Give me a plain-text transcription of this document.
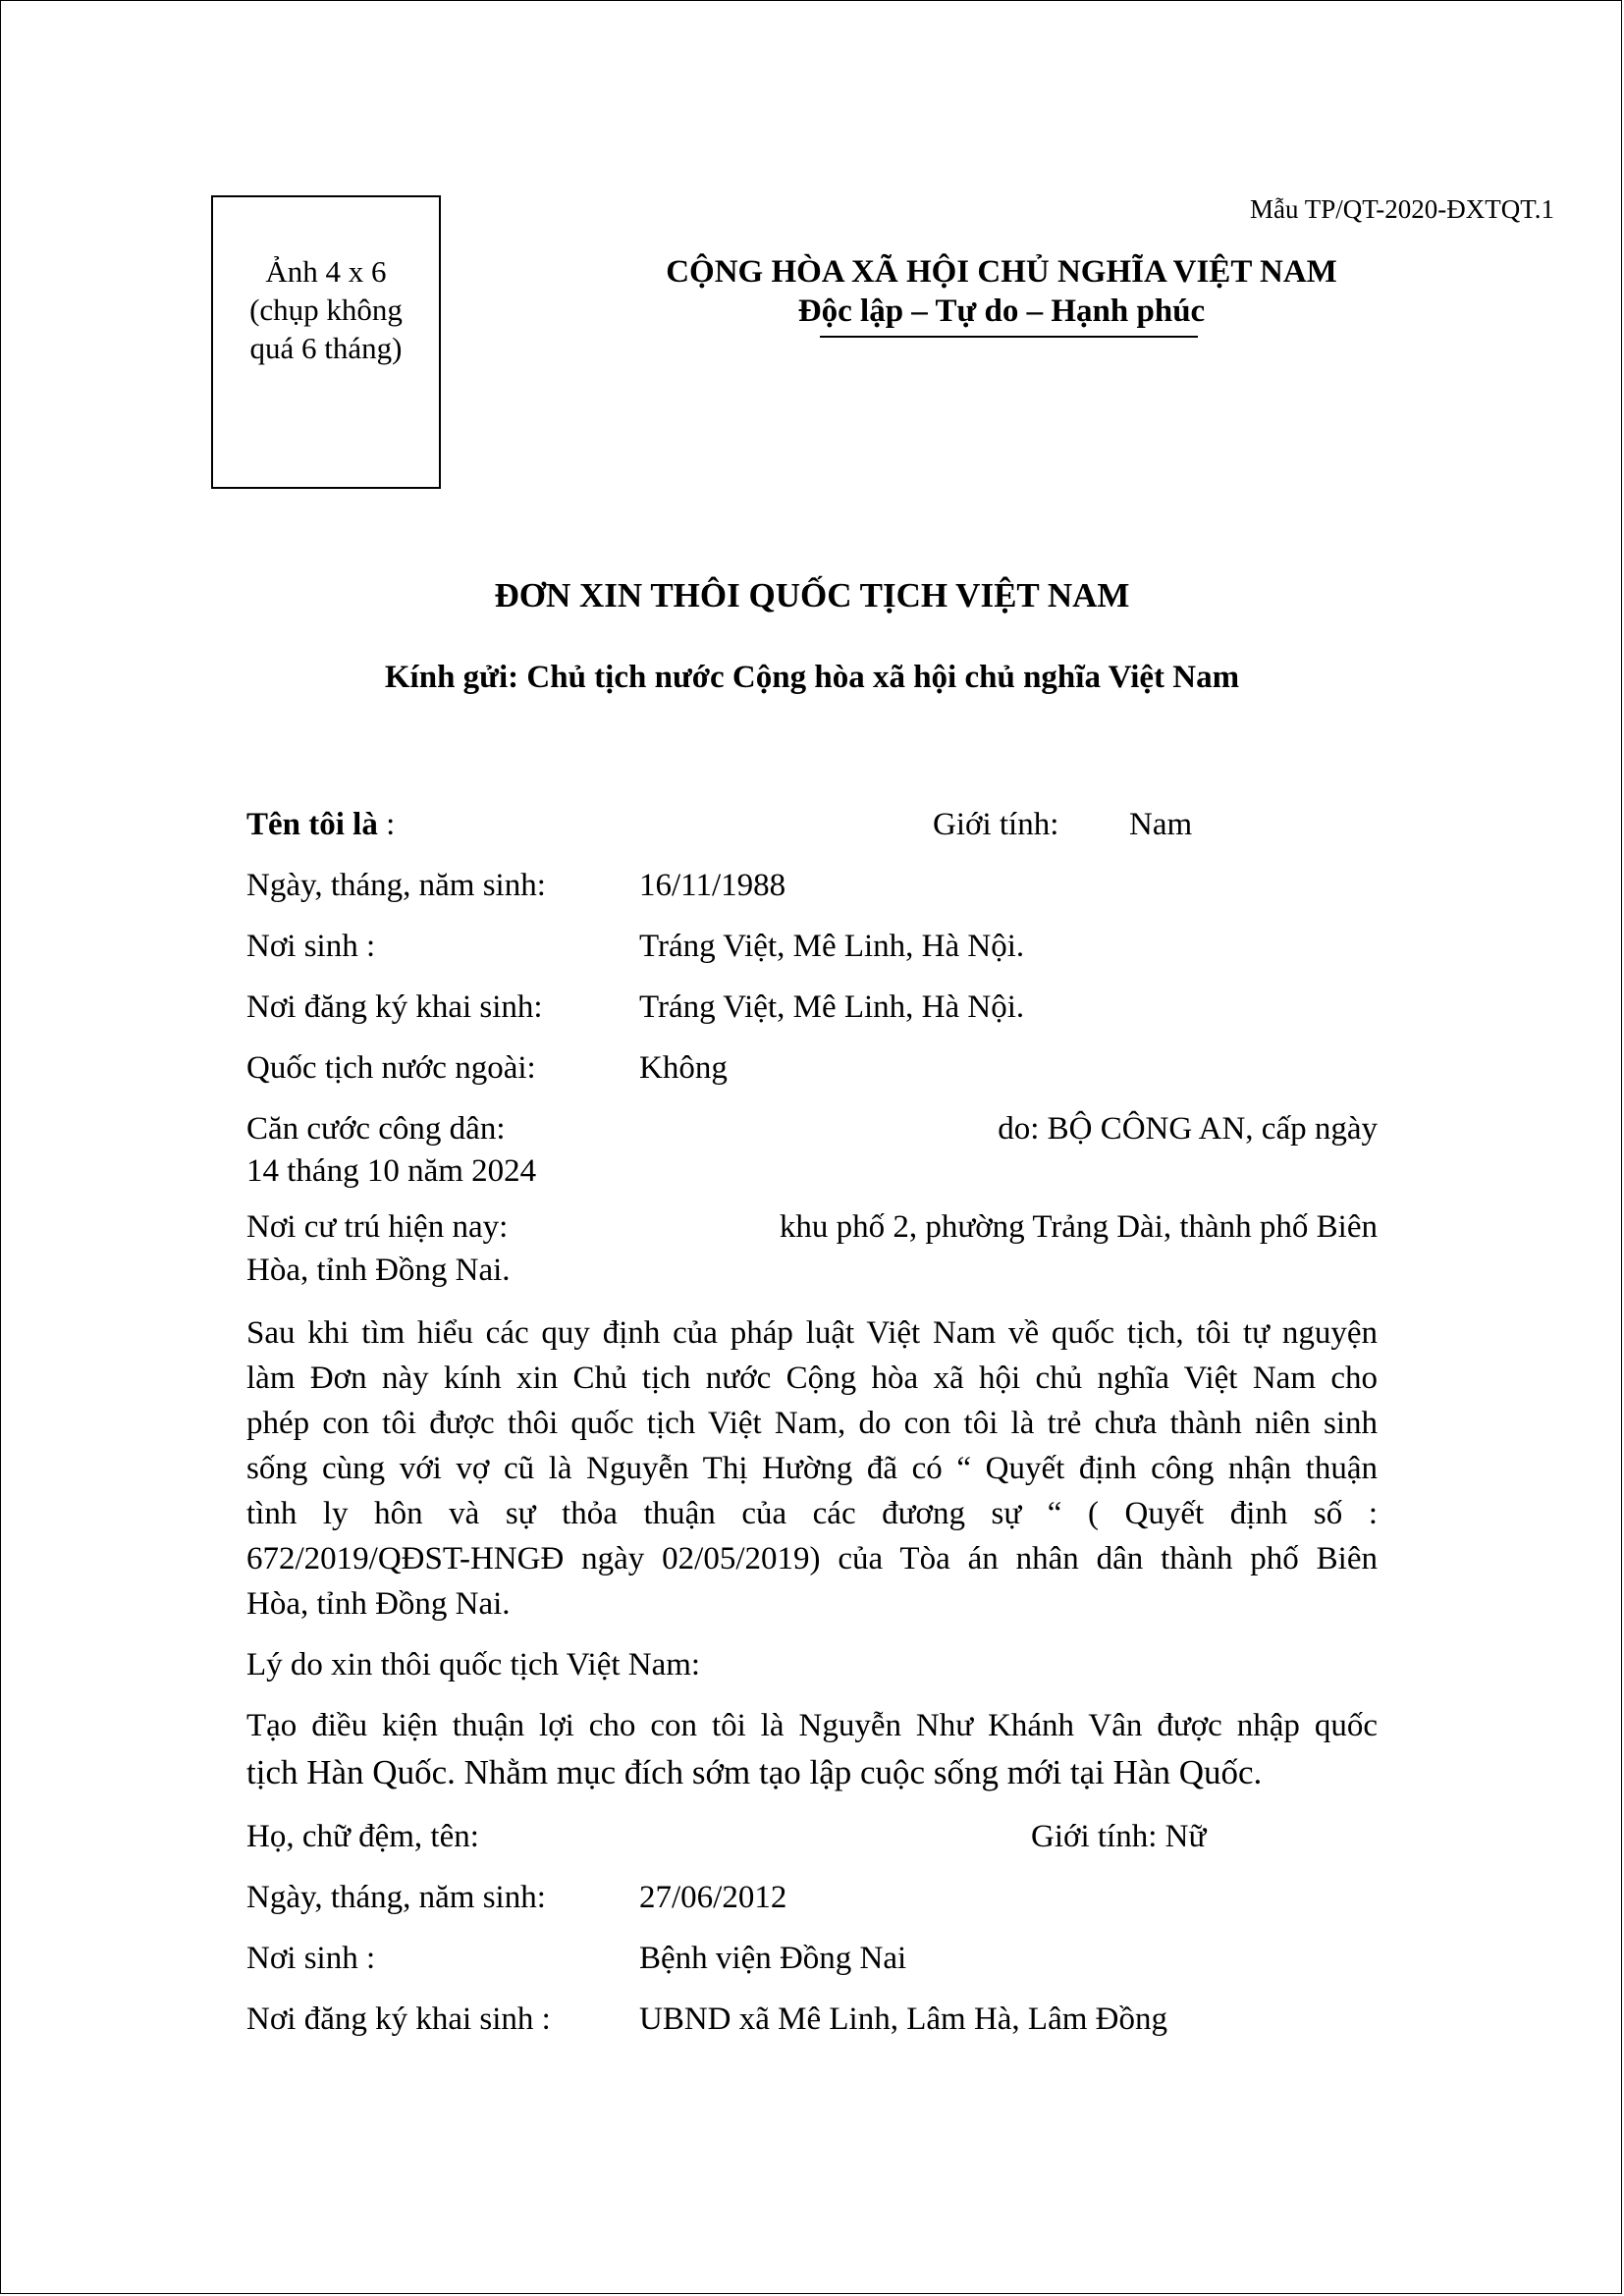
Ảnh 4 x 6
(chụp không
quá 6 tháng)
Mẫu TP/QT-2020-ĐXTQT.1
CỘNG HÒA XÃ HỘI CHỦ NGHĨA VIỆT NAM
Độc lập – Tự do – Hạnh phúc
ĐƠN XIN THÔI QUỐC TỊCH VIỆT NAM
Kính gửi: Chủ tịch nước Cộng hòa xã hội chủ nghĩa Việt Nam
Tên tôi là :	Giới tính: Nam
Ngày, tháng, năm sinh:	16/11/1988
Nơi sinh :	Tráng Việt, Mê Linh, Hà Nội.
Nơi đăng ký khai sinh:	Tráng Việt, Mê Linh, Hà Nội.
Quốc tịch nước ngoài:	Không
Căn cước công dân:	do: BỘ CÔNG AN, cấp ngày
14 tháng 10 năm 2024
Nơi cư trú hiện nay:	khu phố 2, phường Trảng Dài, thành phố Biên
Hòa, tỉnh Đồng Nai.
Sau khi tìm hiểu các quy định của pháp luật Việt Nam về quốc tịch, tôi tự nguyện
làm Đơn này kính xin Chủ tịch nước Cộng hòa xã hội chủ nghĩa Việt Nam cho
phép con tôi được thôi quốc tịch Việt Nam, do con tôi là trẻ chưa thành niên sinh
sống cùng với vợ cũ là Nguyễn Thị Hường đã có “ Quyết định công nhận thuận
tình ly hôn và sự thỏa thuận của các đương sự “ ( Quyết định số :
672/2019/QĐST-HNGĐ ngày 02/05/2019) của Tòa án nhân dân thành phố Biên
Hòa, tỉnh Đồng Nai.
Lý do xin thôi quốc tịch Việt Nam:
Tạo điều kiện thuận lợi cho con tôi là Nguyễn Như Khánh Vân được nhập quốc
tịch Hàn Quốc. Nhằm mục đích sớm tạo lập cuộc sống mới tại Hàn Quốc.
Họ, chữ đệm, tên:	Giới tính: Nữ
Ngày, tháng, năm sinh:	27/06/2012
Nơi sinh :	Bệnh viện Đồng Nai
Nơi đăng ký khai sinh :	UBND xã Mê Linh, Lâm Hà, Lâm Đồng
